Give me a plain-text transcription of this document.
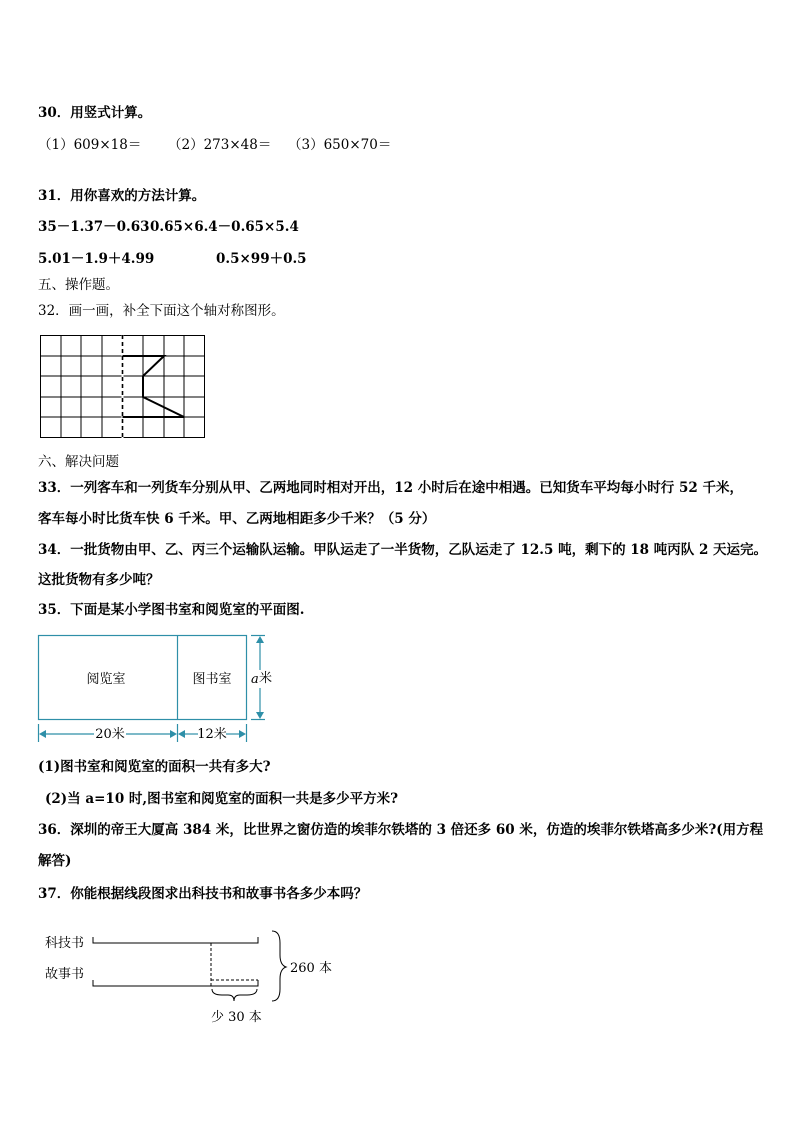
30．用竖式计算。
（1）609×18＝ （2）273×48＝ （3）650×70＝
31．用你喜欢的方法计算。
35－1.37－0.63 0.65×6.4－0.65×5.4
5.01－1.9＋4.99	0.5×99＋0.5
五、操作题。
32．画一画，补全下面这个轴对称图形。
六、解决问题
33．一列客车和一列货车分别从甲、乙两地同时相对开出，12 小时后在途中相遇。已知货车平均每小时行 52 千米，
客车每小时比货车快 6 千米。甲、乙两地相距多少千米？（5 分）
34．一批货物由甲、乙、丙三个运输队运输。甲队运走了一半货物，乙队运走了 12.5 吨，剩下的 18 吨丙队 2 天运完。
这批货物有多少吨？
35．下面是某小学图书室和阅览室的平面图.
阅览室	图书室 a 米
20米	12米
(1)图书室和阅览室的面积一共有多大?
(2)当 a=10 时,图书室和阅览室的面积一共是多少平方米?
36．深圳的帝王大厦高 384 米，比世界之窗仿造的埃菲尔铁塔的 3 倍还多 60 米，仿造的埃菲尔铁塔高多少米?(用方程
解答)
37．你能根据线段图求出科技书和故事书各多少本吗？
科技书
故事书	260 本
少 30 本
